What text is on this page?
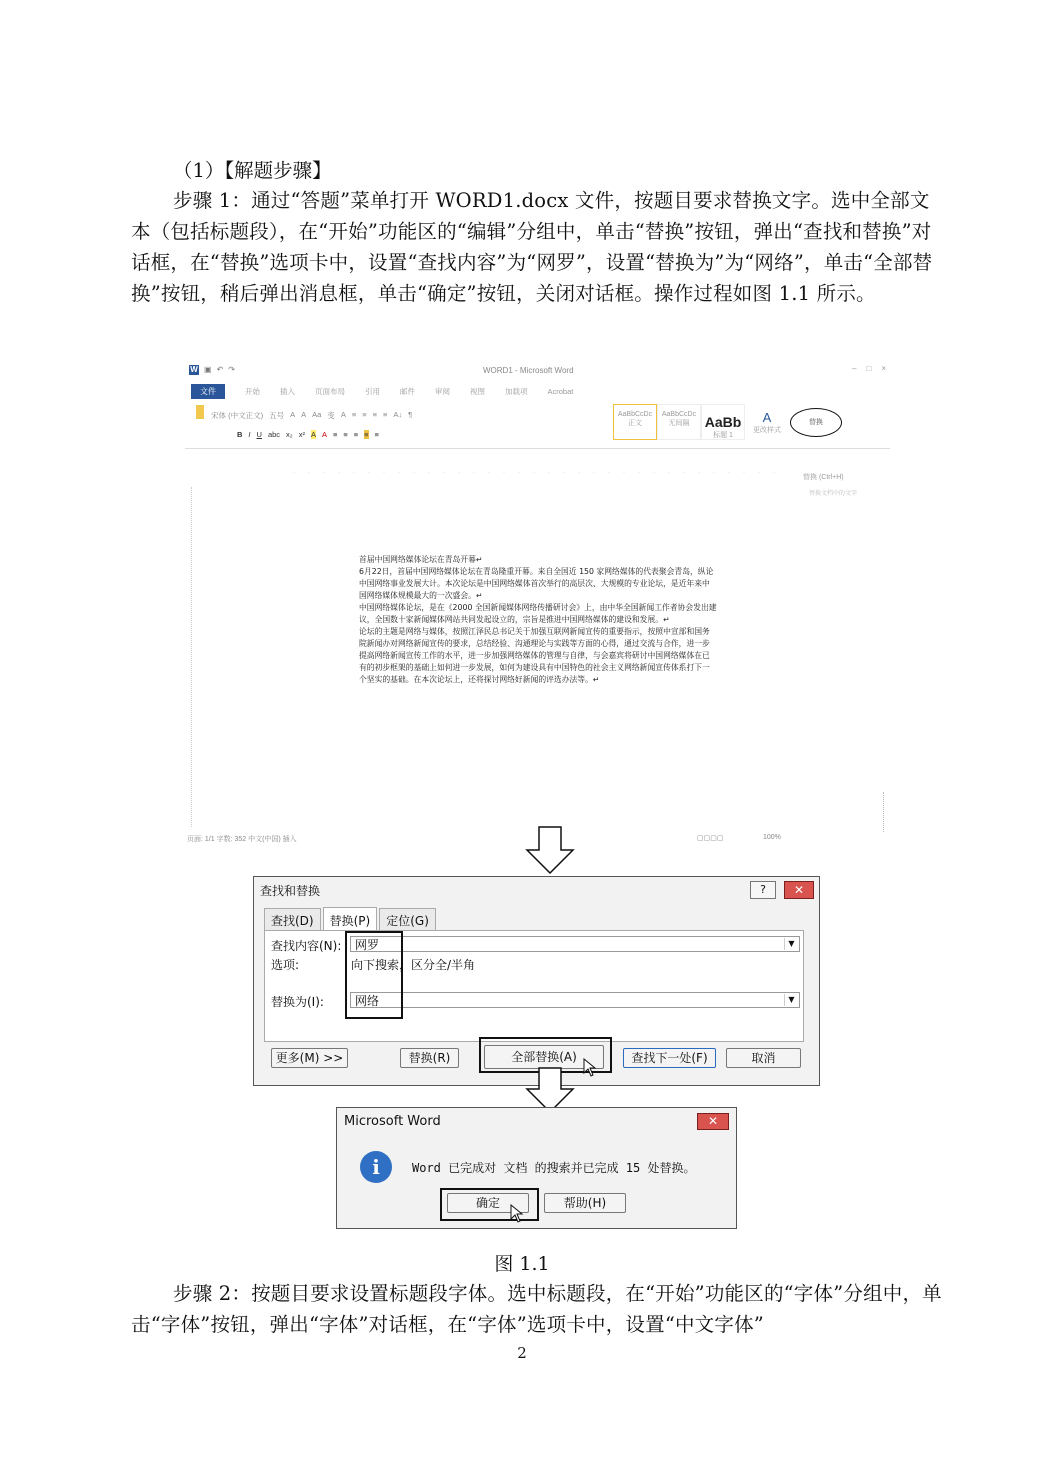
（1）【解题步骤】
步骤 1：通过“答题”菜单打开 WORD1.docx 文件，按题目要求替换文字。选中全部文本（包括标题段），在“开始”功能区的“编辑”分组中，单击“替换”按钮，弹出“查找和替换”对话框，在“替换”选项卡中，设置“查找内容”为“网罗”，设置“替换为”为“网络”，单击“全部替换”按钮，稍后弹出消息框，单击“确定”按钮，关闭对话框。操作过程如图 1.1 所示。
W ▣ ↶ ↷	WORD1 - Microsoft Word	– □ ×
文件	开始	插入	页面布局	引用	邮件	审阅	视图	加载项	Acrobat
宋体 (中文正文) 五号 A A Aa 变 A ≡ ≡ ≡ ≡ A↓ ¶
B I U abc x₂ x² A A ≡ ≡ ≡ ≡ ≡
AaBbCcDc
正文
AaBbCcDc
无间隔	AaBb
标题 1
A
更改样式
替换
· · · · · · · · · · · · · · · · · · · · · · · · · · · · · · · · ·
替换 (Ctrl+H)
替换文档中的文字
首届中国网络媒体论坛在青岛开幕↵
6月22日，首届中国网络媒体论坛在青岛隆重开幕。来自全国近 150 家网络媒体的代表聚会青岛，纵论中国网络事业发展大计。本次论坛是中国网络媒体首次举行的高层次、大规模的专业论坛，是近年来中国网络媒体规模最大的一次盛会。↵
中国网络媒体论坛，是在《2000 全国新闻媒体网络传播研讨会》上，由中华全国新闻工作者协会发出建议，全国数十家新闻媒体网站共同发起设立的，宗旨是推进中国网络媒体的建设和发展。↵
论坛的主题是网络与媒体，按照江泽民总书记关于加强互联网新闻宣传的重要指示，按照中宣部和国务院新闻办对网络新闻宣传的要求，总结经验、沟通理论与实践等方面的心得，通过交流与合作，进一步提高网络新闻宣传工作的水平，进一步加强网络媒体的管理与自律，与会嘉宾将研讨中国网络媒体在已有的初步框架的基础上如何进一步发展，如何为建设具有中国特色的社会主义网络新闻宣传体系打下一个坚实的基础。在本次论坛上，还将探讨网络好新闻的评选办法等。↵
页面: 1/1 字数: 352 中文(中国) 插入	▢▢▢▢	100%
查找和替换	?	✕
查找(D)	替换(P)	定位(G)
查找内容(N):	网罗	▼
选项:	向下搜索，区分全/半角
替换为(I):	网络	▼
更多(M) >>	替换(R)	全部替换(A)	查找下一处(F)	取消
Microsoft Word	✕
i	Word 已完成对 文档 的搜索并已完成 15 处替换。
确定	帮助(H)
图 1.1
步骤 2：按题目要求设置标题段字体。选中标题段，在“开始”功能区的“字体”分组中，单击“字体”按钮，弹出“字体”对话框，在“字体”选项卡中，设置“中文字体”
2
